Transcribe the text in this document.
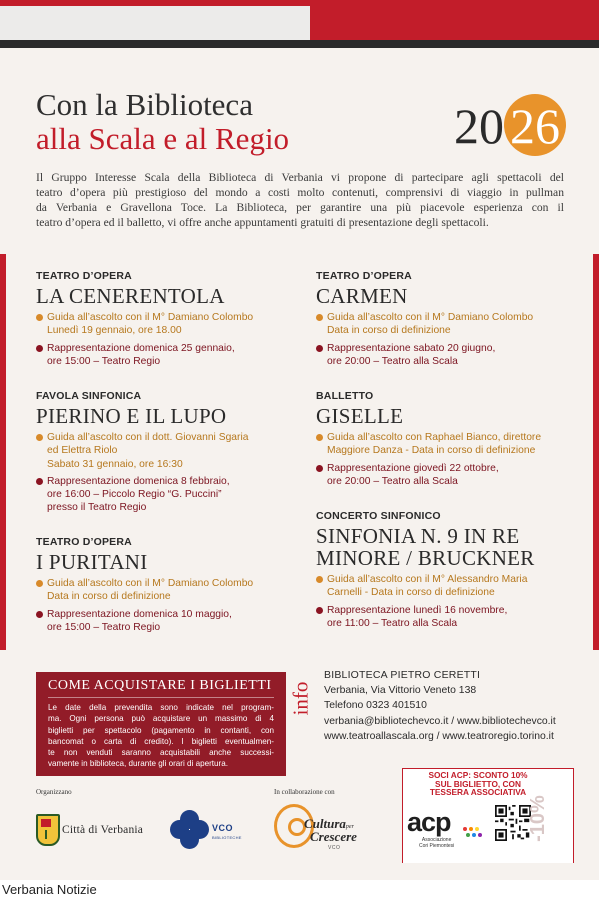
Con la Biblioteca
alla Scala e al Regio	20 26
Il Gruppo Interesse Scala della Biblioteca di Verbania vi propone di partecipare agli spettacoli del
teatro d’opera più prestigioso del mondo a costi molto contenuti, comprensivi di viaggio in pullman
da Verbania e Gravellona Toce. La Biblioteca, per garantire una più piacevole esperienza con il
teatro d’opera ed il balletto, vi offre anche appuntamenti gratuiti di presentazione degli spettacoli.
TEATRO D’OPERA
LA CENERENTOLA
Guida all’ascolto con il M° Damiano Colombo
Lunedì 19 gennaio, ore 18.00
Rappresentazione domenica 25 gennaio,
ore 15:00 – Teatro Regio
FAVOLA SINFONICA
PIERINO E IL LUPO
Guida all’ascolto con il dott. Giovanni Sgaria
ed Elettra Riolo
Sabato 31 gennaio, ore 16:30
Rappresentazione domenica 8 febbraio,
ore 16:00 – Piccolo Regio “G. Puccini”
presso il Teatro Regio
TEATRO D’OPERA
I PURITANI
Guida all’ascolto con il M° Damiano Colombo
Data in corso di definizione
Rappresentazione domenica 10 maggio,
ore 15:00 – Teatro Regio
TEATRO D’OPERA
CARMEN
Guida all’ascolto con il M° Damiano Colombo
Data in corso di definizione
Rappresentazione sabato 20 giugno,
ore 20:00 – Teatro alla Scala
BALLETTO
GISELLE
Guida all’ascolto con Raphael Bianco, direttore
Maggiore Danza - Data in corso di definizione
Rappresentazione giovedì 22 ottobre,
ore 20:00 – Teatro alla Scala
CONCERTO SINFONICO
SINFONIA N. 9 IN RE
MINORE / BRUCKNER
Guida all’ascolto con il M° Alessandro Maria
Carnelli - Data in corso di definizione
Rappresentazione lunedì 16 novembre,
ore 11:00 – Teatro alla Scala
COME ACQUISTARE I BIGLIETTI
Le date della prevendita sono indicate nel program-
ma. Ogni persona può acquistare un massimo di 4
biglietti per spettacolo (pagamento in contanti, con
bancomat o carta di credito). I biglietti eventualmen-
te non venduti saranno acquistabili anche successi-
vamente in biblioteca, durante gli orari di apertura.
info
BIBLIOTECA PIETRO CERETTI
Verbania, Via Vittorio Veneto 138
Telefono 0323 401510
verbania@bibliotechevco.it / www.bibliotechevco.it
www.teatroallascala.org / www.teatroregio.torino.it
Organizzano	In collaborazione con
Città di Verbania	VCO
BIBLIOTECHE
Culturaper
Crescere
VCO
SOCI ACP: SCONTO 10%
SUL BIGLIETTO, CON
TESSERA ASSOCIATIVA
acp
Associazione
Cori Piemontesi
-10%
Verbania Notizie
